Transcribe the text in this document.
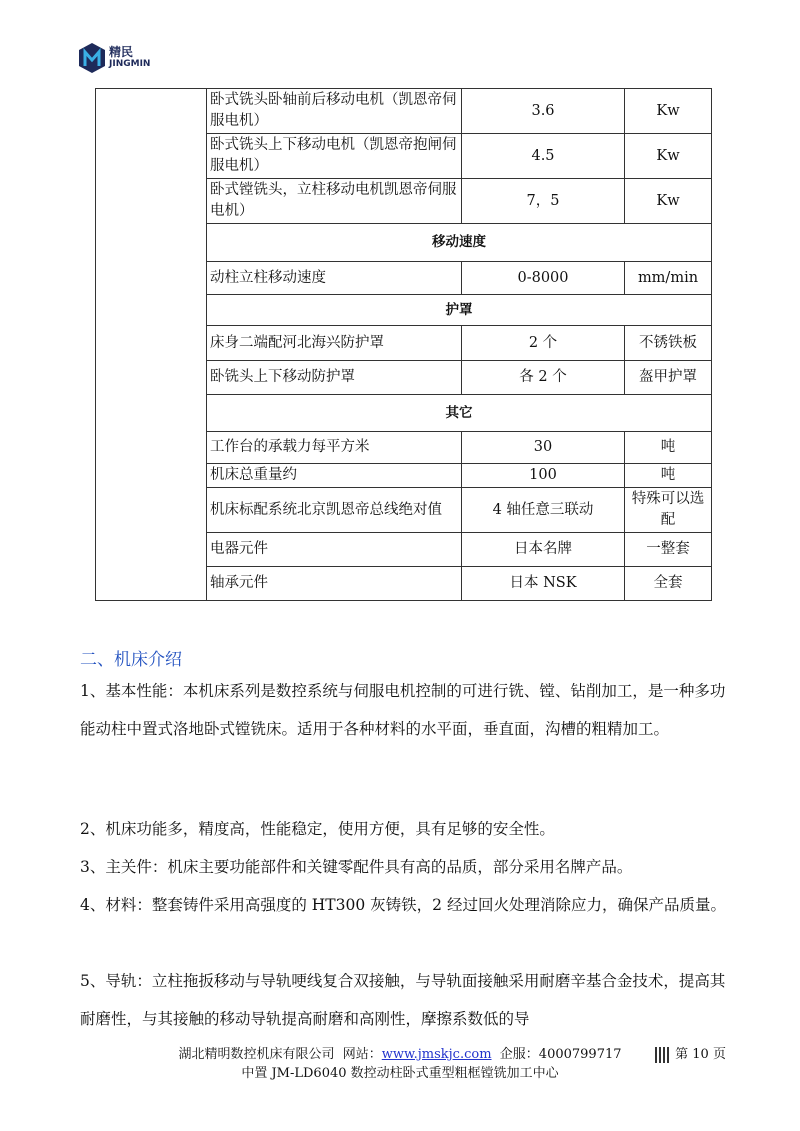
精民
JINGMIN
	卧式铣头卧轴前后移动电机（凯恩帝伺服电机）	3.6	Kw
	卧式铣头上下移动电机（凯恩帝抱闸伺服电机）	4.5	Kw
	卧式镗铣头，立柱移动电机凯恩帝伺服电机）	7，5	Kw
	移动速度		
	动柱立柱移动速度	0-8000	mm/min
	护罩		
	床身二端配河北海兴防护罩	2 个	不锈铁板
	卧铣头上下移动防护罩	各 2 个	盔甲护罩
	其它		
	工作台的承载力每平方米	30	吨
	机床总重量约	100	吨
	机床标配系统北京凯恩帝总线绝对值	4 轴任意三联动	特殊可以选配
	电器元件	日本名牌	一整套
	轴承元件	日本 NSK	全套
二、机床介绍
1、基本性能：本机床系列是数控系统与伺服电机控制的可进行铣、镗、钻削加工，是一种多功能动柱中置式洛地卧式镗铣床。适用于各种材料的水平面，垂直面，沟槽的粗精加工。
2、机床功能多，精度高，性能稳定，使用方便，具有足够的安全性。
3、主关件：机床主要功能部件和关键零配件具有高的品质，部分采用名牌产品。
4、材料：整套铸件采用高强度的 HT300 灰铸铁，2 经过回火处理消除应力，确保产品质量。
5、导轨：立柱拖扳移动与导轨哽线复合双接触，与导轨面接触采用耐磨辛基合金技术，提高其耐磨性，与其接触的移动导轨提高耐磨和高刚性，摩擦系数低的导
湖北精明数控机床有限公司 网站：www.jmskjc.com 企服：4000799717	第 10 页
中置 JM-LD6040 数控动柱卧式重型粗框镗铣加工中心
